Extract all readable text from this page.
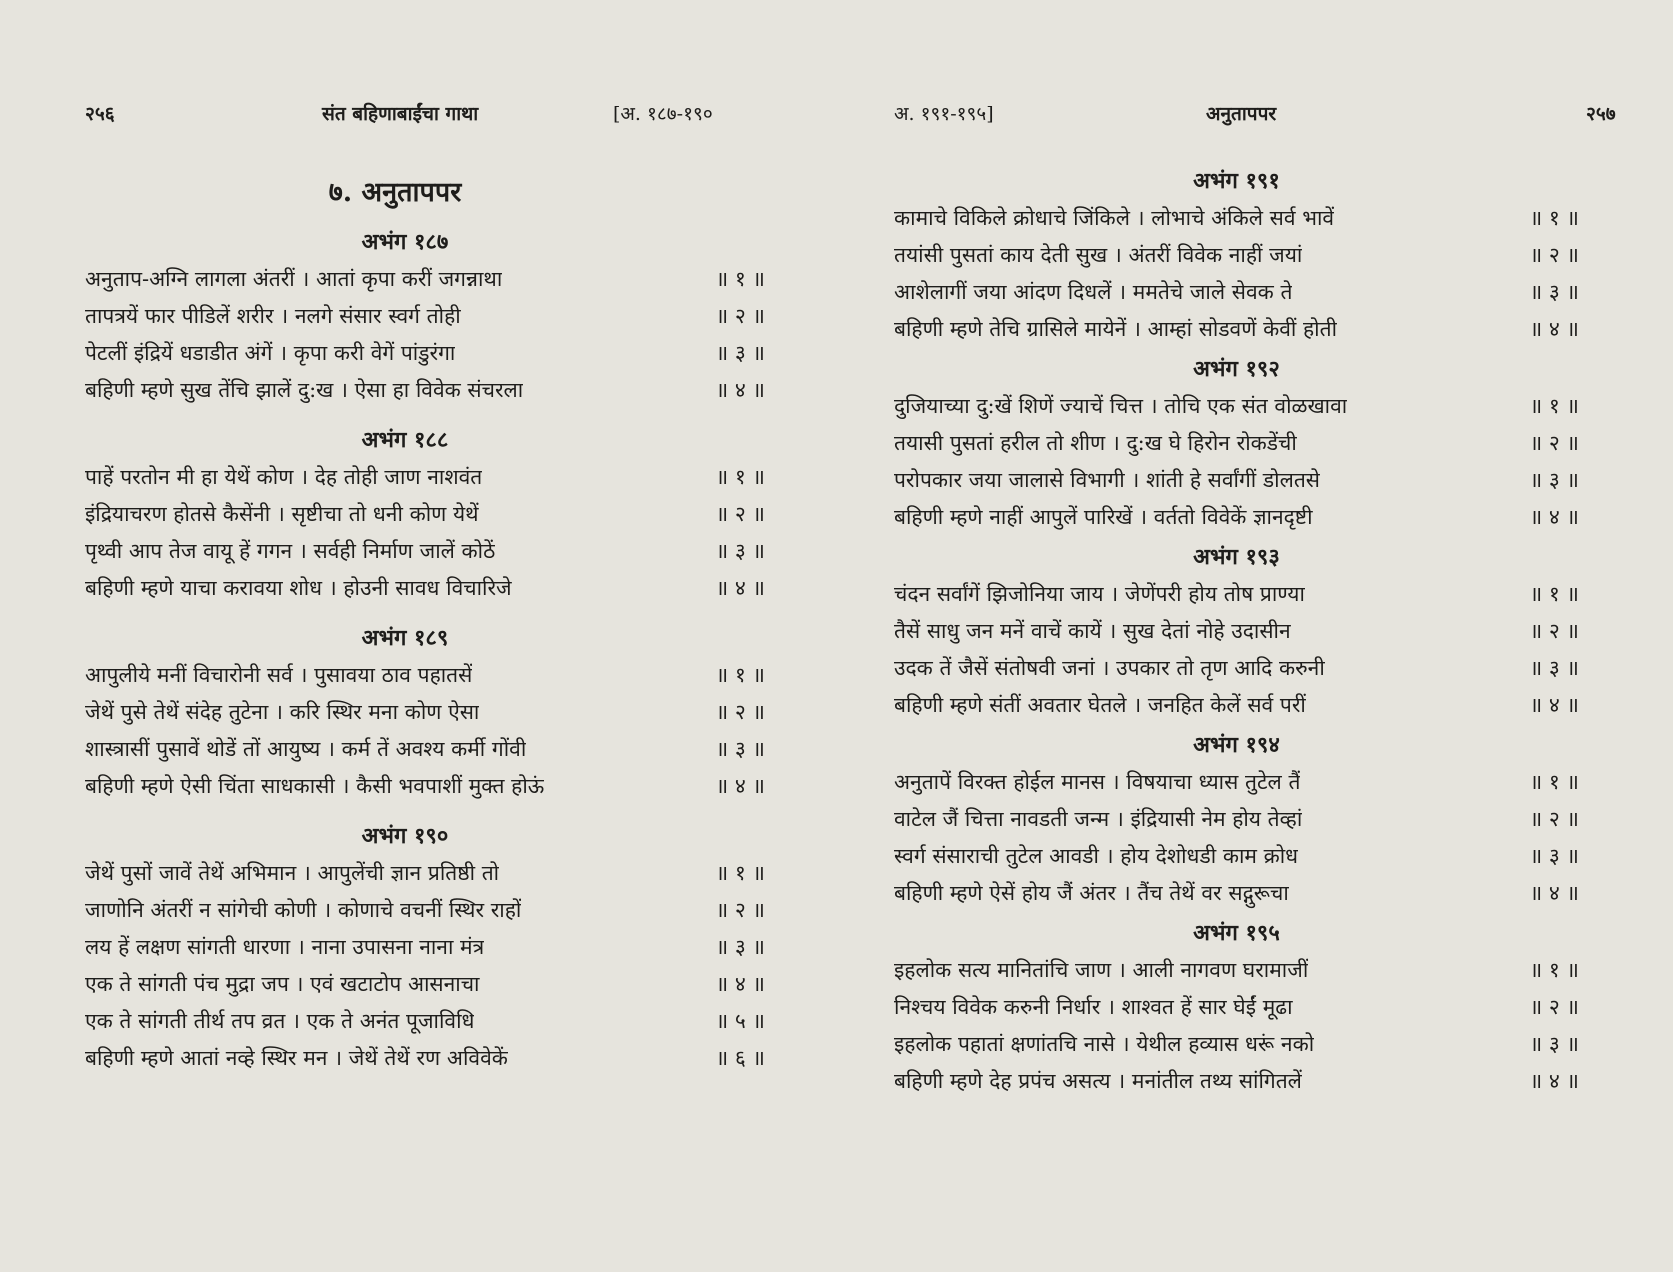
२५६	संत बहिणाबाईंचा गाथा	[अ. १८७-१९०
७. अनुतापपर
अभंग १८७
अनुताप-अग्नि लागला अंतरीं । आतां कृपा करीं जगन्नाथा	॥ १ ॥
तापत्रयें फार पीडिलें शरीर । नलगे संसार स्वर्ग तोही	॥ २ ॥
पेटलीं इंद्रियें धडाडीत अंगें । कृपा करी वेगें पांडुरंगा	॥ ३ ॥
बहिणी म्हणे सुख तेंचि झालें दु:ख । ऐसा हा विवेक संचरला	॥ ४ ॥
अभंग १८८
पाहें परतोन मी हा येथें कोण । देह तोही जाण नाशवंत	॥ १ ॥
इंद्रियाचरण होतसे कैसेंनी । सृष्टीचा तो धनी कोण येथें	॥ २ ॥
पृथ्वी आप तेज वायू हें गगन । सर्वही निर्माण जालें कोठें	॥ ३ ॥
बहिणी म्हणे याचा करावया शोध । होउनी सावध विचारिजे	॥ ४ ॥
अभंग १८९
आपुलीये मनीं विचारोनी सर्व । पुसावया ठाव पहातसें	॥ १ ॥
जेथें पुसे तेथें संदेह तुटेना । करि स्थिर मना कोण ऐसा	॥ २ ॥
शास्त्रासीं पुसावें थोडें तों आयुष्य । कर्म तें अवश्य कर्मी गोंवी	॥ ३ ॥
बहिणी म्हणे ऐसी चिंता साधकासी । कैसी भवपाशीं मुक्त होऊं	॥ ४ ॥
अभंग १९०
जेथें पुसों जावें तेथें अभिमान । आपुलेंची ज्ञान प्रतिष्ठी तो	॥ १ ॥
जाणोनि अंतरीं न सांगेची कोणी । कोणाचे वचनीं स्थिर राहों	॥ २ ॥
लय हें लक्षण सांगती धारणा । नाना उपासना नाना मंत्र	॥ ३ ॥
एक ते सांगती पंच मुद्रा जप । एवं खटाटोप आसनाचा	॥ ४ ॥
एक ते सांगती तीर्थ तप व्रत । एक ते अनंत पूजाविधि	॥ ५ ॥
बहिणी म्हणे आतां नव्हे स्थिर मन । जेथें तेथें रण अविवेकें	॥ ६ ॥
अ. १९१-१९५]	अनुतापपर	२५७
अभंग १९१
कामाचे विकिले क्रोधाचे जिंकिले । लोभाचे अंकिले सर्व भावें	॥ १ ॥
तयांसी पुसतां काय देती सुख । अंतरीं विवेक नाहीं जयां	॥ २ ॥
आशेलागीं जया आंदण दिधलें । ममतेचे जाले सेवक ते	॥ ३ ॥
बहिणी म्हणे तेचि ग्रासिले मायेनें । आम्हां सोडवणें केवीं होती	॥ ४ ॥
अभंग १९२
दुजियाच्या दु:खें शिणें ज्याचें चित्त । तोचि एक संत वोळखावा	॥ १ ॥
तयासी पुसतां हरील तो शीण । दु:ख घे हिरोन रोकडेंची	॥ २ ॥
परोपकार जया जालासे विभागी । शांती हे सर्वांगीं डोलतसे	॥ ३ ॥
बहिणी म्हणे नाहीं आपुलें पारिखें । वर्ततो विवेकें ज्ञानदृष्टी	॥ ४ ॥
अभंग १९३
चंदन सर्वांगें झिजोनिया जाय । जेणेंपरी होय तोष प्राण्या	॥ १ ॥
तैसें साधु जन मनें वाचें कायें । सुख देतां नोहे उदासीन	॥ २ ॥
उदक तें जैसें संतोषवी जनां । उपकार तो तृण आदि करुनी	॥ ३ ॥
बहिणी म्हणे संतीं अवतार घेतले । जनहित केलें सर्व परीं	॥ ४ ॥
अभंग १९४
अनुतापें विरक्त होईल मानस । विषयाचा ध्यास तुटेल तैं	॥ १ ॥
वाटेल जैं चित्ता नावडती जन्म । इंद्रियासी नेम होय तेव्हां	॥ २ ॥
स्वर्ग संसाराची तुटेल आवडी । होय देशोधडी काम क्रोध	॥ ३ ॥
बहिणी म्हणे ऐसें होय जैं अंतर । तैंच तेथें वर सद्गुरूचा	॥ ४ ॥
अभंग १९५
इहलोक सत्य मानितांचि जाण । आली नागवण घरामाजीं	॥ १ ॥
निश्चय विवेक करुनी निर्धार । शाश्वत हें सार घेईं मूढा	॥ २ ॥
इहलोक पहातां क्षणांतचि नासे । येथील हव्यास धरूं नको	॥ ३ ॥
बहिणी म्हणे देह प्रपंच असत्य । मनांतील तथ्य सांगितलें	॥ ४ ॥
